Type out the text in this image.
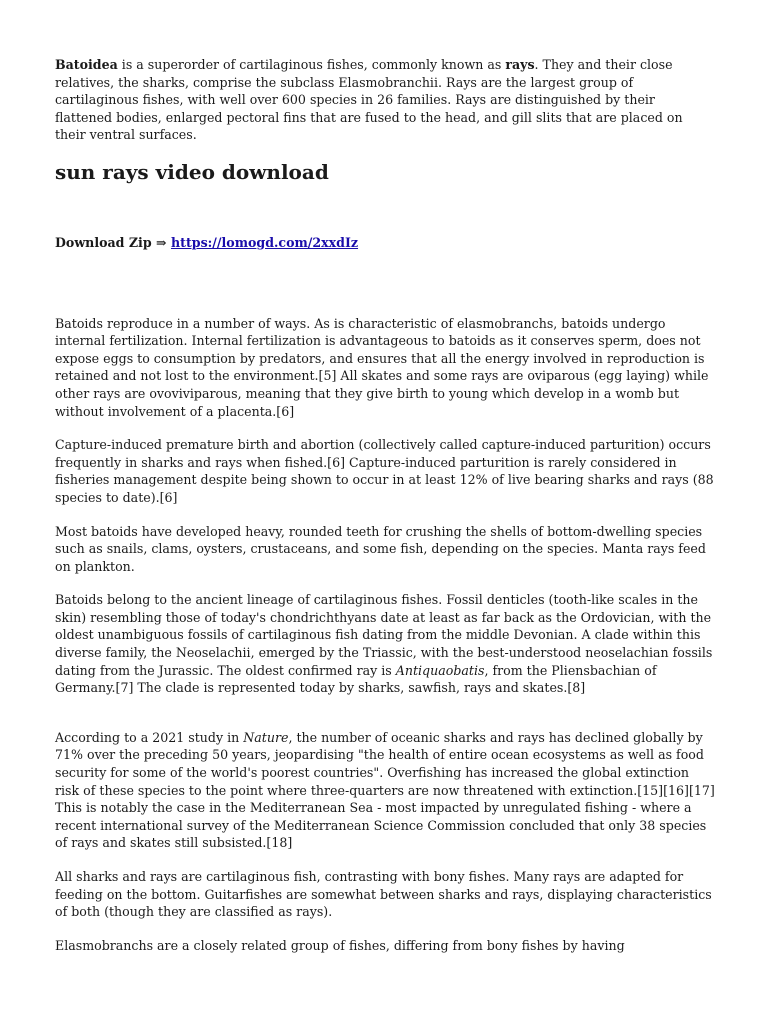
Batoidea is a superorder of cartilaginous fishes, commonly known as rays. They and their close relatives, the sharks, comprise the subclass Elasmobranchii. Rays are the largest group of cartilaginous fishes, with well over 600 species in 26 families. Rays are distinguished by their flattened bodies, enlarged pectoral fins that are fused to the head, and gill slits that are placed on their ventral surfaces.

sun rays video download

Download Zip ⇒ https://lomogd.com/2xxdIz

Batoids reproduce in a number of ways. As is characteristic of elasmobranchs, batoids undergo internal fertilization. Internal fertilization is advantageous to batoids as it conserves sperm, does not expose eggs to consumption by predators, and ensures that all the energy involved in reproduction is retained and not lost to the environment.[5] All skates and some rays are oviparous (egg laying) while other rays are ovoviviparous, meaning that they give birth to young which develop in a womb but without involvement of a placenta.[6]

Capture-induced premature birth and abortion (collectively called capture-induced parturition) occurs frequently in sharks and rays when fished.[6] Capture-induced parturition is rarely considered in fisheries management despite being shown to occur in at least 12% of live bearing sharks and rays (88 species to date).[6]

Most batoids have developed heavy, rounded teeth for crushing the shells of bottom-dwelling species such as snails, clams, oysters, crustaceans, and some fish, depending on the species. Manta rays feed on plankton.

Batoids belong to the ancient lineage of cartilaginous fishes. Fossil denticles (tooth-like scales in the skin) resembling those of today's chondrichthyans date at least as far back as the Ordovician, with the oldest unambiguous fossils of cartilaginous fish dating from the middle Devonian. A clade within this diverse family, the Neoselachii, emerged by the Triassic, with the best-understood neoselachian fossils dating from the Jurassic. The oldest confirmed ray is Antiquaobatis, from the Pliensbachian of Germany.[7] The clade is represented today by sharks, sawfish, rays and skates.[8]

According to a 2021 study in Nature, the number of oceanic sharks and rays has declined globally by 71% over the preceding 50 years, jeopardising "the health of entire ocean ecosystems as well as food security for some of the world's poorest countries". Overfishing has increased the global extinction risk of these species to the point where three-quarters are now threatened with extinction.[15][16][17] This is notably the case in the Mediterranean Sea - most impacted by unregulated fishing - where a recent international survey of the Mediterranean Science Commission concluded that only 38 species of rays and skates still subsisted.[18]

All sharks and rays are cartilaginous fish, contrasting with bony fishes. Many rays are adapted for feeding on the bottom. Guitarfishes are somewhat between sharks and rays, displaying characteristics of both (though they are classified as rays).

Elasmobranchs are a closely related group of fishes, differing from bony fishes by having
